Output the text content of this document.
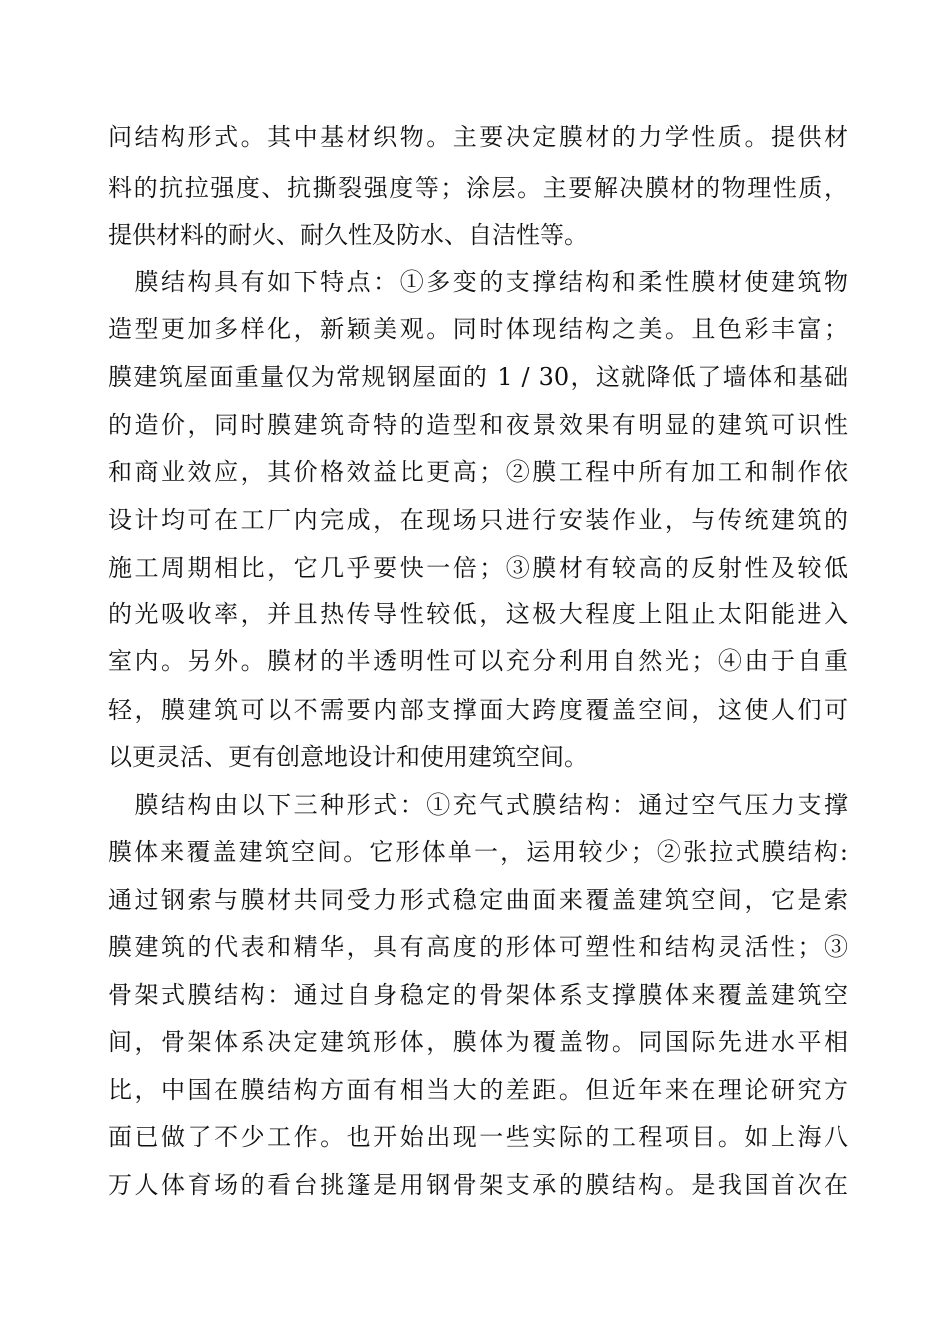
问结构形式。其中基材织物。主要决定膜材的力学性质。提供材

料的抗拉强度、抗撕裂强度等；涂层。主要解决膜材的物理性质，

提供材料的耐火、耐久性及防水、自洁性等。

　膜结构具有如下特点：①多变的支撑结构和柔性膜材使建筑物

造型更加多样化，新颖美观。同时体现结构之美。且色彩丰富；

膜建筑屋面重量仅为常规钢屋面的 1 / 30，这就降低了墙体和基础

的造价，同时膜建筑奇特的造型和夜景效果有明显的建筑可识性

和商业效应，其价格效益比更高；②膜工程中所有加工和制作依

设计均可在工厂内完成，在现场只进行安装作业，与传统建筑的

施工周期相比，它几乎要快一倍；③膜材有较高的反射性及较低

的光吸收率，并且热传导性较低，这极大程度上阻止太阳能进入

室内。另外。膜材的半透明性可以充分利用自然光；④由于自重

轻，膜建筑可以不需要内部支撑面大跨度覆盖空间，这使人们可

以更灵活、更有创意地设计和使用建筑空间。

　膜结构由以下三种形式：①充气式膜结构：通过空气压力支撑

膜体来覆盖建筑空间。它形体单一，运用较少；②张拉式膜结构:

通过钢索与膜材共同受力形式稳定曲面来覆盖建筑空间，它是索

膜建筑的代表和精华，具有高度的形体可塑性和结构灵活性；③

骨架式膜结构：通过自身稳定的骨架体系支撑膜体来覆盖建筑空

间，骨架体系决定建筑形体，膜体为覆盖物。同国际先进水平相

比，中国在膜结构方面有相当大的差距。但近年来在理论研究方

面已做了不少工作。也开始出现一些实际的工程项目。如上海八

万人体育场的看台挑篷是用钢骨架支承的膜结构。是我国首次在
